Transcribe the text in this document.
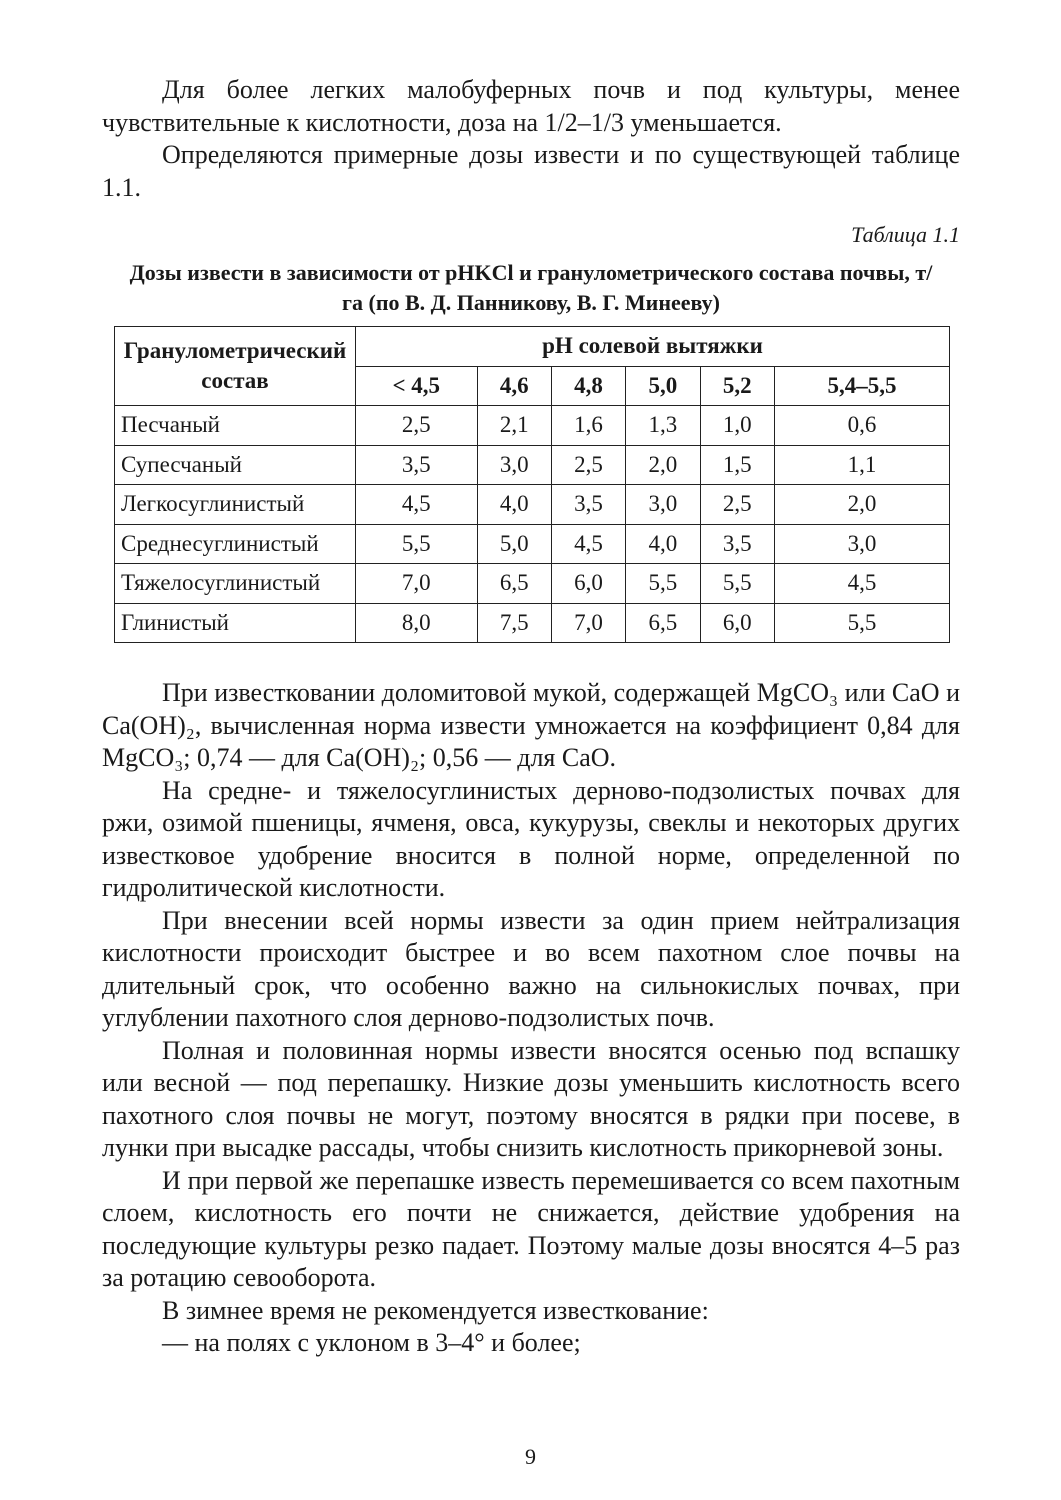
Для более легких малобуферных почв и под культуры, менее чувствительные к кислотности, доза на 1/2–1/3 уменьшается.

Определяются примерные дозы извести и по существующей таблице 1.1.

Таблица 1.1
Дозы извести в зависимости от pHKCl и гранулометрического состава почвы, т/га (по В. Д. Панникову, В. Г. Минееву)
Гранулометрический состав	pH солевой вытяжки					
	< 4,5	4,6	4,8	5,0	5,2	5,4–5,5
Песчаный	2,5	2,1	1,6	1,3	1,0	0,6
Супесчаный	3,5	3,0	2,5	2,0	1,5	1,1
Легкосуглинистый	4,5	4,0	3,5	3,0	2,5	2,0
Среднесуглинистый	5,5	5,0	4,5	4,0	3,5	3,0
Тяжелосуглинистый	7,0	6,5	6,0	5,5	5,5	4,5
Глинистый	8,0	7,5	7,0	6,5	6,0	5,5

При известковании доломитовой мукой, содержащей MgCO₃ или CaO и Ca(OH)₂, вычисленная норма извести умножается на коэффициент 0,84 для MgCO₃; 0,74 — для Ca(OH)₂; 0,56 — для CaO.

На средне- и тяжелосуглинистых дерново-подзолистых почвах для ржи, озимой пшеницы, ячменя, овса, кукурузы, свеклы и некоторых других известковое удобрение вносится в полной норме, определенной по гидролитической кислотности.

При внесении всей нормы извести за один прием нейтрализация кислотности происходит быстрее и во всем пахотном слое почвы на длительный срок, что особенно важно на сильнокислых почвах, при углублении пахотного слоя дерново-подзолистых почв.

Полная и половинная нормы извести вносятся осенью под вспашку или весной — под перепашку. Низкие дозы уменьшить кислотность всего пахотного слоя почвы не могут, поэтому вносятся в рядки при посеве, в лунки при высадке рассады, чтобы снизить кислотность прикорневой зоны.

И при первой же перепашке известь перемешивается со всем пахотным слоем, кислотность его почти не снижается, действие удобрения на последующие культуры резко падает. Поэтому малые дозы вносятся 4–5 раз за ротацию севооборота.

В зимнее время не рекомендуется известкование:

— на полях с уклоном в 3–4° и более;

9
